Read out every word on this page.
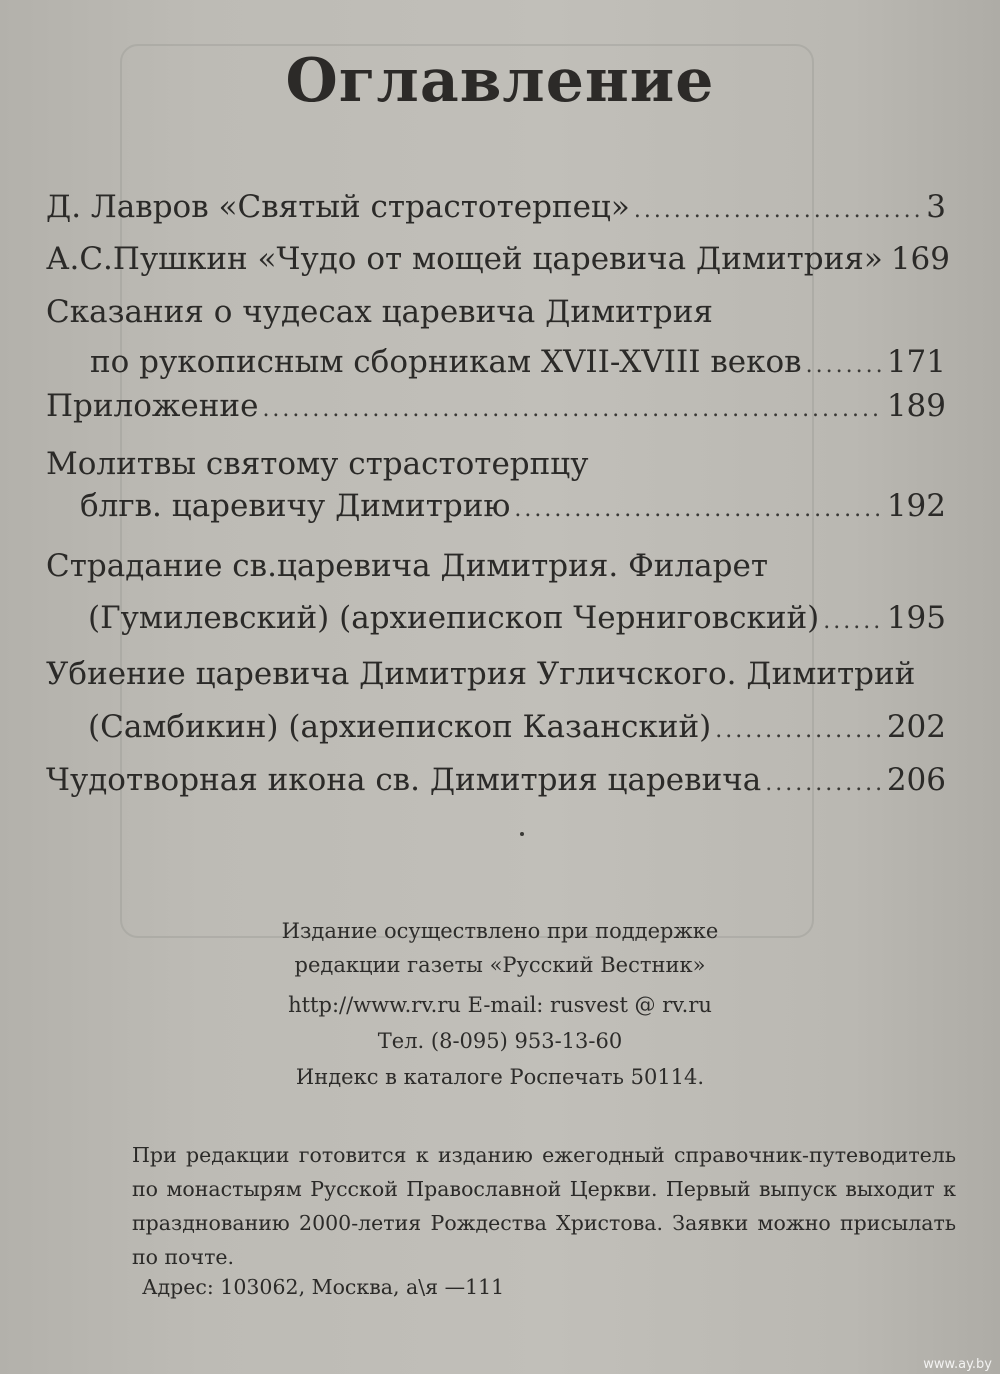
Оглавление
Д. Лавров «Святый страстотерпец» .....	3
А.С.Пушкин «Чудо от мощей царевича Димитрия» 169
Сказания о чудесах царевича Димитрия
по рукописным сборникам XVII-XVIII веков .....	171
Приложение .....	189
Молитвы святому страстотерпцу
блгв. царевичу Димитрию .....	192
Страдание св.царевича Димитрия. Филарет
(Гумилевский) (архиепископ Черниговский) ..... 195
Убиение царевича Димитрия Угличского. Димитрий
(Самбикин) (архиепископ Казанский) .....	202
Чудотворная икона св. Димитрия царевича .....	206
Издание осуществлено при поддержке
редакции газеты «Русский Вестник»
http://www.rv.ru E-mail: rusvest @ rv.ru
Тел. (8-095) 953-13-60
Индекс в каталоге Роспечать 50114.
При редакции готовится к изданию ежегодный справочник-путеводитель по монастырям Русской Православной Церкви. Первый выпуск выходит к празднованию 2000-летия Рождества Христова. Заявки можно присылать по почте.
Адрес: 103062, Москва, а\я —111
www.ay.by
